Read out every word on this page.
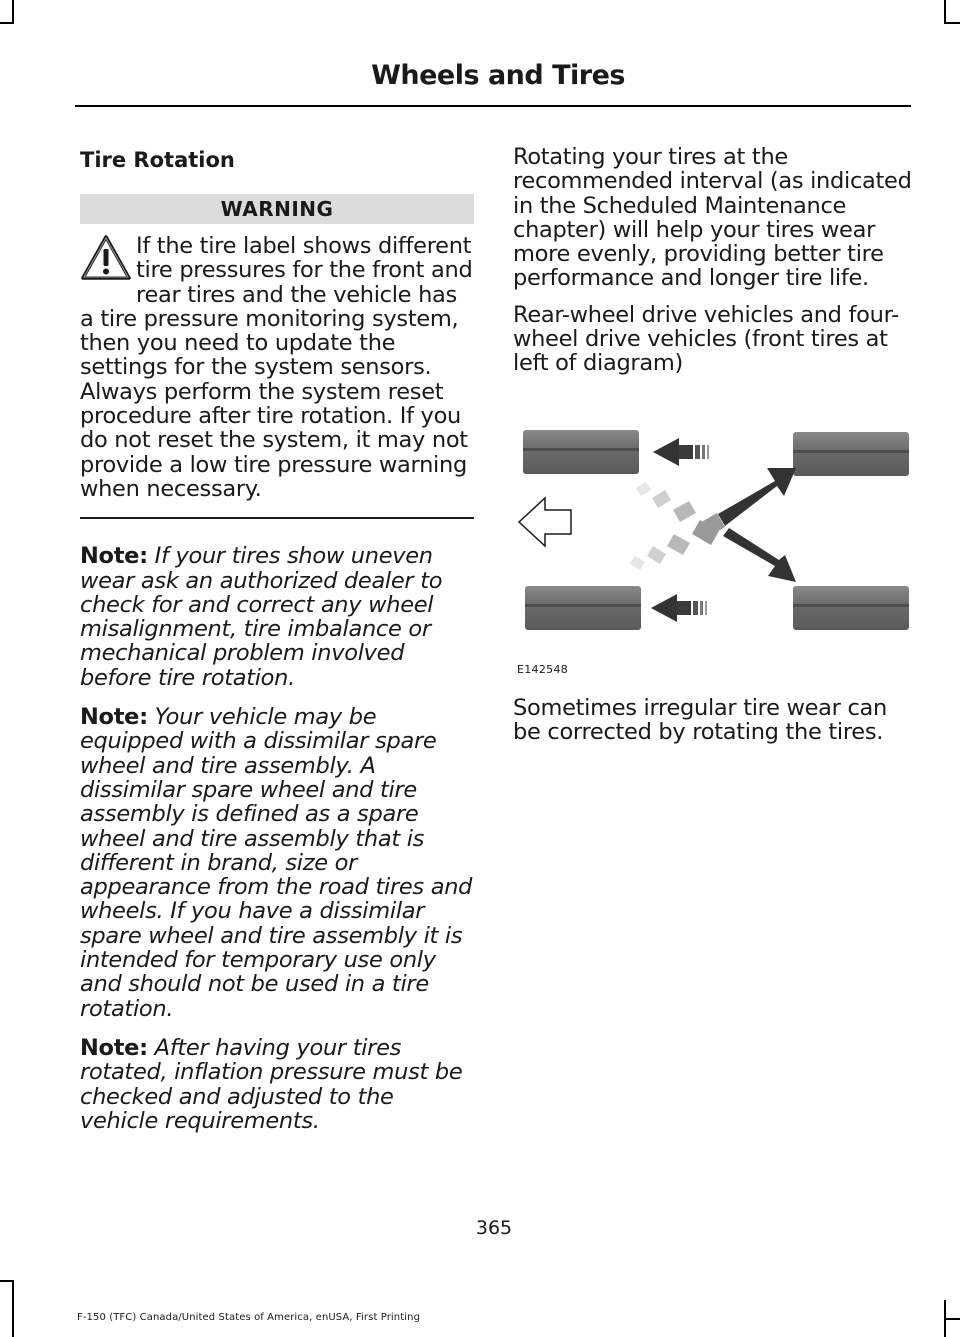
Wheels and Tires
Tire Rotation
WARNING
If the tire label shows different tire pressures for the front and rear tires and the vehicle has a tire pressure monitoring system, then you need to update the settings for the system sensors. Always perform the system reset procedure after tire rotation. If you do not reset the system, it may not provide a low tire pressure warning when necessary.

Note: If your tires show uneven wear ask an authorized dealer to check for and correct any wheel misalignment, tire imbalance or mechanical problem involved before tire rotation.

Note: Your vehicle may be equipped with a dissimilar spare wheel and tire assembly. A dissimilar spare wheel and tire assembly is defined as a spare wheel and tire assembly that is different in brand, size or appearance from the road tires and wheels. If you have a dissimilar spare wheel and tire assembly it is intended for temporary use only and should not be used in a tire rotation.

Note: After having your tires rotated, inflation pressure must be checked and adjusted to the vehicle requirements.

Rotating your tires at the recommended interval (as indicated in the Scheduled Maintenance chapter) will help your tires wear more evenly, providing better tire performance and longer tire life.

Rear-wheel drive vehicles and four-wheel drive vehicles (front tires at left of diagram)

E142548

Sometimes irregular tire wear can be corrected by rotating the tires.

365
F-150 (TFC) Canada/United States of America, enUSA, First Printing
